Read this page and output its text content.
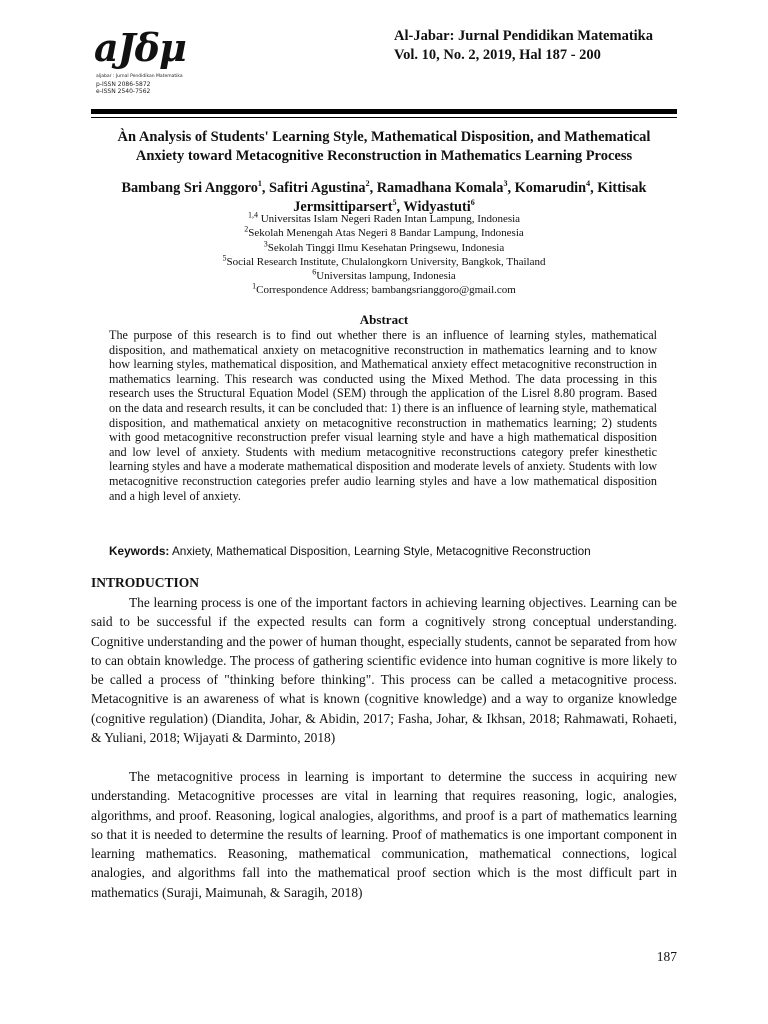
aJδμ
aljabar : Jurnal Pendidikan Matematika
p-ISSN 2086-5872
e-ISSN 2540-7562
Al-Jabar: Jurnal Pendidikan Matematika
Vol. 10, No. 2, 2019, Hal 187 - 200
Àn Analysis of Students' Learning Style, Mathematical Disposition, and Mathematical
Anxiety toward Metacognitive Reconstruction in Mathematics Learning Process
Bambang Sri Anggoro$^1$, Safitri Agustina$^2$, Ramadhana Komala$^3$, Komarudin$^4$, Kittisak
Jermsittiparsert$^5$, Widyastuti$^6$
$^{1,4}$ Universitas Islam Negeri Raden Intan Lampung, Indonesia
$^2$Sekolah Menengah Atas Negeri 8 Bandar Lampung, Indonesia
$^3$Sekolah Tinggi Ilmu Kesehatan Pringsewu, Indonesia
$^5$Social Research Institute, Chulalongkorn University, Bangkok, Thailand
$^6$Universitas lampung, Indonesia
$^1$Correspondence Address; bambangsrianggoro@gmail.com
Abstract

The purpose of this research is to find out whether there is an influence of learning styles, mathematical disposition, and mathematical anxiety on metacognitive reconstruction in mathematics learning and to know how learning styles, mathematical disposition, and Mathematical anxiety effect metacognitive reconstruction in mathematics learning. This research was conducted using the Mixed Method. The data processing in this research uses the Structural Equation Model (SEM) through the application of the Lisrel 8.80 program. Based on the data and research results, it can be concluded that: 1) there is an influence of learning style, mathematical disposition, and mathematical anxiety on metacognitive reconstruction in mathematics learning; 2) students with good metacognitive reconstruction prefer visual learning style and have a high mathematical disposition and low level of anxiety. Students with medium metacognitive reconstructions category prefer kinesthetic learning styles and have a moderate mathematical disposition and moderate levels of anxiety. Students with low metacognitive reconstruction categories prefer audio learning styles and have a low mathematical disposition and a high level of anxiety.

Keywords: Anxiety, Mathematical Disposition, Learning Style, Metacognitive Reconstruction
INTRODUCTION

The learning process is one of the important factors in achieving learning objectives. Learning can be said to be successful if the expected results can form a cognitively strong conceptual understanding. Cognitive understanding and the power of human thought, especially students, cannot be separated from how to can obtain knowledge. The process of gathering scientific evidence into human cognitive is more likely to be called a process of "thinking before thinking". This process can be called a metacognitive process. Metacognitive is an awareness of what is known (cognitive knowledge) and a way to organize knowledge (cognitive regulation) (Diandita, Johar, & Abidin, 2017; Fasha, Johar, & Ikhsan, 2018; Rahmawati, Rohaeti, & Yuliani, 2018; Wijayati & Darminto, 2018)

The metacognitive process in learning is important to determine the success in acquiring new understanding. Metacognitive processes are vital in learning that requires reasoning, logic, analogies, algorithms, and proof. Reasoning, logical analogies, algorithms, and proof is a part of mathematics learning so that it is needed to determine the results of learning. Proof of mathematics is one important component in learning mathematics. Reasoning, mathematical communication, mathematical connections, logical analogies, and algorithms fall into the mathematical proof section which is the most difficult part in mathematics (Suraji, Maimunah, & Saragih, 2018)

187
